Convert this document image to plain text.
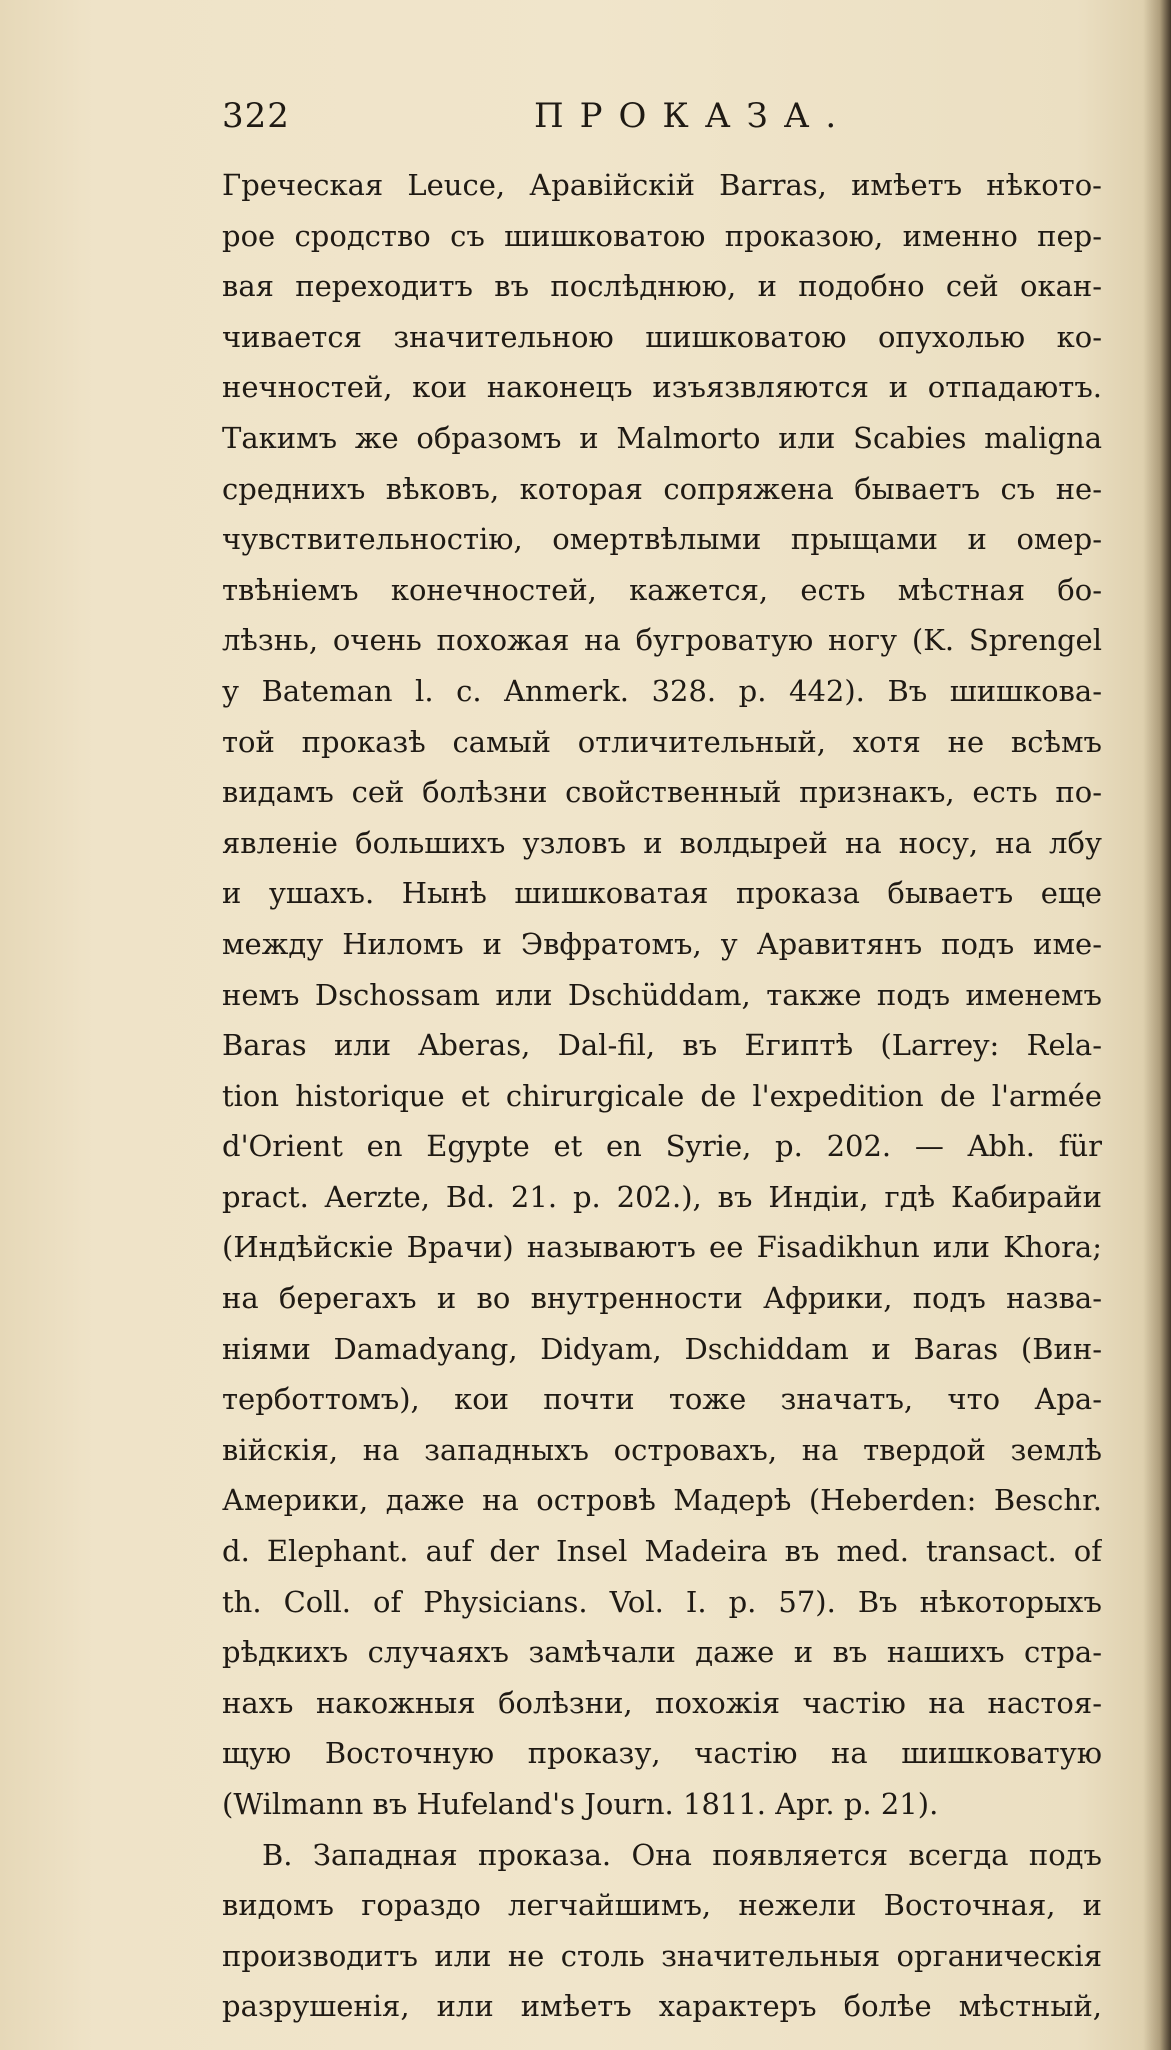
322	ПРОКАЗА.
Греческая Leuce, Аравійскій Barras, имѣетъ нѣкото-
рое сродство съ шишковатою проказою, именно пер-
вая переходитъ въ послѣднюю, и подобно сей окан-
чивается значительною шишковатою опухолью ко-
нечностей, кои наконецъ изъязвляются и отпадаютъ.
Такимъ же образомъ и Malmorto или Scabies maligna
среднихъ вѣковъ, которая сопряжена бываетъ съ не-
чувствительностію, омертвѣлыми прыщами и омер-
твѣніемъ конечностей, кажется, есть мѣстная бо-
лѣзнь, очень похожая на бугроватую ногу (K. Sprengel
у Bateman l. c. Anmerk. 328. p. 442). Въ шишкова-
той проказѣ самый отличительный, хотя не всѣмъ
видамъ сей болѣзни свойственный признакъ, есть по-
явленіе большихъ узловъ и волдырей на носу, на лбу
и ушахъ. Нынѣ шишковатая проказа бываетъ еще
между Ниломъ и Эвфратомъ, у Аравитянъ подъ име-
немъ Dschossam или Dschüddam, также подъ именемъ
Baras или Aberas, Dal-fil, въ Египтѣ (Larrey: Rela-
tion historique et chirurgicale de l'expedition de l'armée
d'Orient en Egypte et en Syrie, p. 202. — Abh. für
pract. Aerzte, Bd. 21. p. 202.), въ Индіи, гдѣ Кабирайи
(Индѣйскіе Врачи) называютъ ее Fisadikhun или Khora;
на берегахъ и во внутренности Африки, подъ назва-
ніями Damadyang, Didyam, Dschiddam и Baras (Вин-
терботтомъ), кои почти тоже значатъ, что Ара-
війскія, на западныхъ островахъ, на твердой землѣ
Америки, даже на островѣ Мадерѣ (Heberden: Beschr.
d. Elephant. auf der Insel Madeira въ med. transact. of
th. Coll. of Physicians. Vol. I. p. 57). Въ нѣкоторыхъ
рѣдкихъ случаяхъ замѣчали даже и въ нашихъ стра-
нахъ накожныя болѣзни, похожія частію на настоя-
щую Восточную проказу, частію на шишковатую
(Wilmann въ Hufeland's Journ. 1811. Apr. p. 21).
B. Западная проказа. Она появляется всегда подъ
видомъ гораздо легчайшимъ, нежели Восточная, и
производитъ или не столь значительныя органическія
разрушенія, или имѣетъ характеръ болѣе мѣстный,
